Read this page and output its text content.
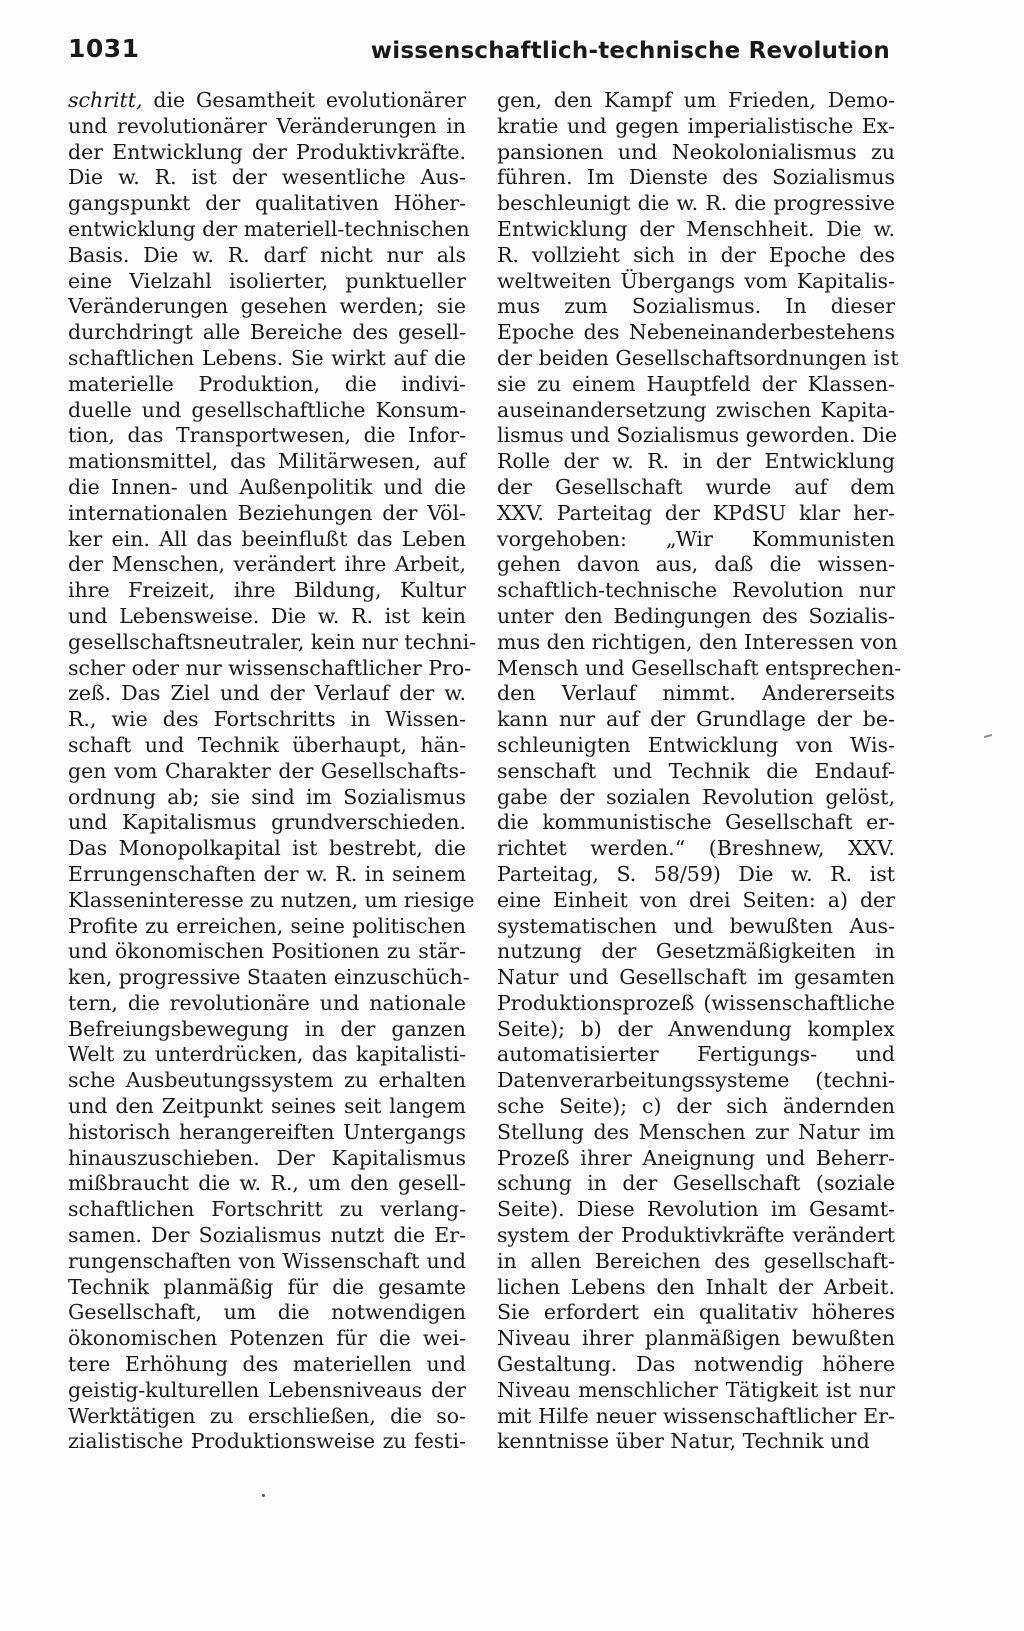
1031	wissenschaftlich-technische Revolution
schritt, die Gesamtheit evolutionärer
und revolutionärer Veränderungen in
der Entwicklung der Produktivkräfte.
Die w. R. ist der wesentliche Aus-
gangspunkt der qualitativen Höher-
entwicklung der materiell-technischen
Basis. Die w. R. darf nicht nur als
eine Vielzahl isolierter, punktueller
Veränderungen gesehen werden; sie
durchdringt alle Bereiche des gesell-
schaftlichen Lebens. Sie wirkt auf die
materielle Produktion, die indivi-
duelle und gesellschaftliche Konsum-
tion, das Transportwesen, die Infor-
mationsmittel, das Militärwesen, auf
die Innen- und Außenpolitik und die
internationalen Beziehungen der Völ-
ker ein. All das beeinflußt das Leben
der Menschen, verändert ihre Arbeit,
ihre Freizeit, ihre Bildung, Kultur
und Lebensweise. Die w. R. ist kein
gesellschaftsneutraler, kein nur techni-
scher oder nur wissenschaftlicher Pro-
zeß. Das Ziel und der Verlauf der w.
R., wie des Fortschritts in Wissen-
schaft und Technik überhaupt, hän-
gen vom Charakter der Gesellschafts-
ordnung ab; sie sind im Sozialismus
und Kapitalismus grundverschieden.
Das Monopolkapital ist bestrebt, die
Errungenschaften der w. R. in seinem
Klasseninteresse zu nutzen, um riesige
Profite zu erreichen, seine politischen
und ökonomischen Positionen zu stär-
ken, progressive Staaten einzuschüch-
tern, die revolutionäre und nationale
Befreiungsbewegung in der ganzen
Welt zu unterdrücken, das kapitalisti-
sche Ausbeutungssystem zu erhalten
und den Zeitpunkt seines seit langem
historisch herangereiften Untergangs
hinauszuschieben. Der Kapitalismus
mißbraucht die w. R., um den gesell-
schaftlichen Fortschritt zu verlang-
samen. Der Sozialismus nutzt die Er-
rungenschaften von Wissenschaft und
Technik planmäßig für die gesamte
Gesellschaft, um die notwendigen
ökonomischen Potenzen für die wei-
tere Erhöhung des materiellen und
geistig-kulturellen Lebensniveaus der
Werktätigen zu erschließen, die so-
zialistische Produktionsweise zu festi-
gen, den Kampf um Frieden, Demo-
kratie und gegen imperialistische Ex-
pansionen und Neokolonialismus zu
führen. Im Dienste des Sozialismus
beschleunigt die w. R. die progressive
Entwicklung der Menschheit. Die w.
R. vollzieht sich in der Epoche des
weltweiten Übergangs vom Kapitalis-
mus zum Sozialismus. In dieser
Epoche des Nebeneinanderbestehens
der beiden Gesellschaftsordnungen ist
sie zu einem Hauptfeld der Klassen-
auseinandersetzung zwischen Kapita-
lismus und Sozialismus geworden. Die
Rolle der w. R. in der Entwicklung
der Gesellschaft wurde auf dem
XXV. Parteitag der KPdSU klar her-
vorgehoben: „Wir Kommunisten
gehen davon aus, daß die wissen-
schaftlich-technische Revolution nur
unter den Bedingungen des Sozialis-
mus den richtigen, den Interessen von
Mensch und Gesellschaft entsprechen-
den Verlauf nimmt. Andererseits
kann nur auf der Grundlage der be-
schleunigten Entwicklung von Wis-
senschaft und Technik die Endauf-
gabe der sozialen Revolution gelöst,
die kommunistische Gesellschaft er-
richtet werden.“ (Breshnew, XXV.
Parteitag, S. 58/59) Die w. R. ist
eine Einheit von drei Seiten: a) der
systematischen und bewußten Aus-
nutzung der Gesetzmäßigkeiten in
Natur und Gesellschaft im gesamten
Produktionsprozeß (wissenschaftliche
Seite); b) der Anwendung komplex
automatisierter Fertigungs- und
Datenverarbeitungssysteme (techni-
sche Seite); c) der sich ändernden
Stellung des Menschen zur Natur im
Prozeß ihrer Aneignung und Beherr-
schung in der Gesellschaft (soziale
Seite). Diese Revolution im Gesamt-
system der Produktivkräfte verändert
in allen Bereichen des gesellschaft-
lichen Lebens den Inhalt der Arbeit.
Sie erfordert ein qualitativ höheres
Niveau ihrer planmäßigen bewußten
Gestaltung. Das notwendig höhere
Niveau menschlicher Tätigkeit ist nur
mit Hilfe neuer wissenschaftlicher Er-
kenntnisse über Natur, Technik und
